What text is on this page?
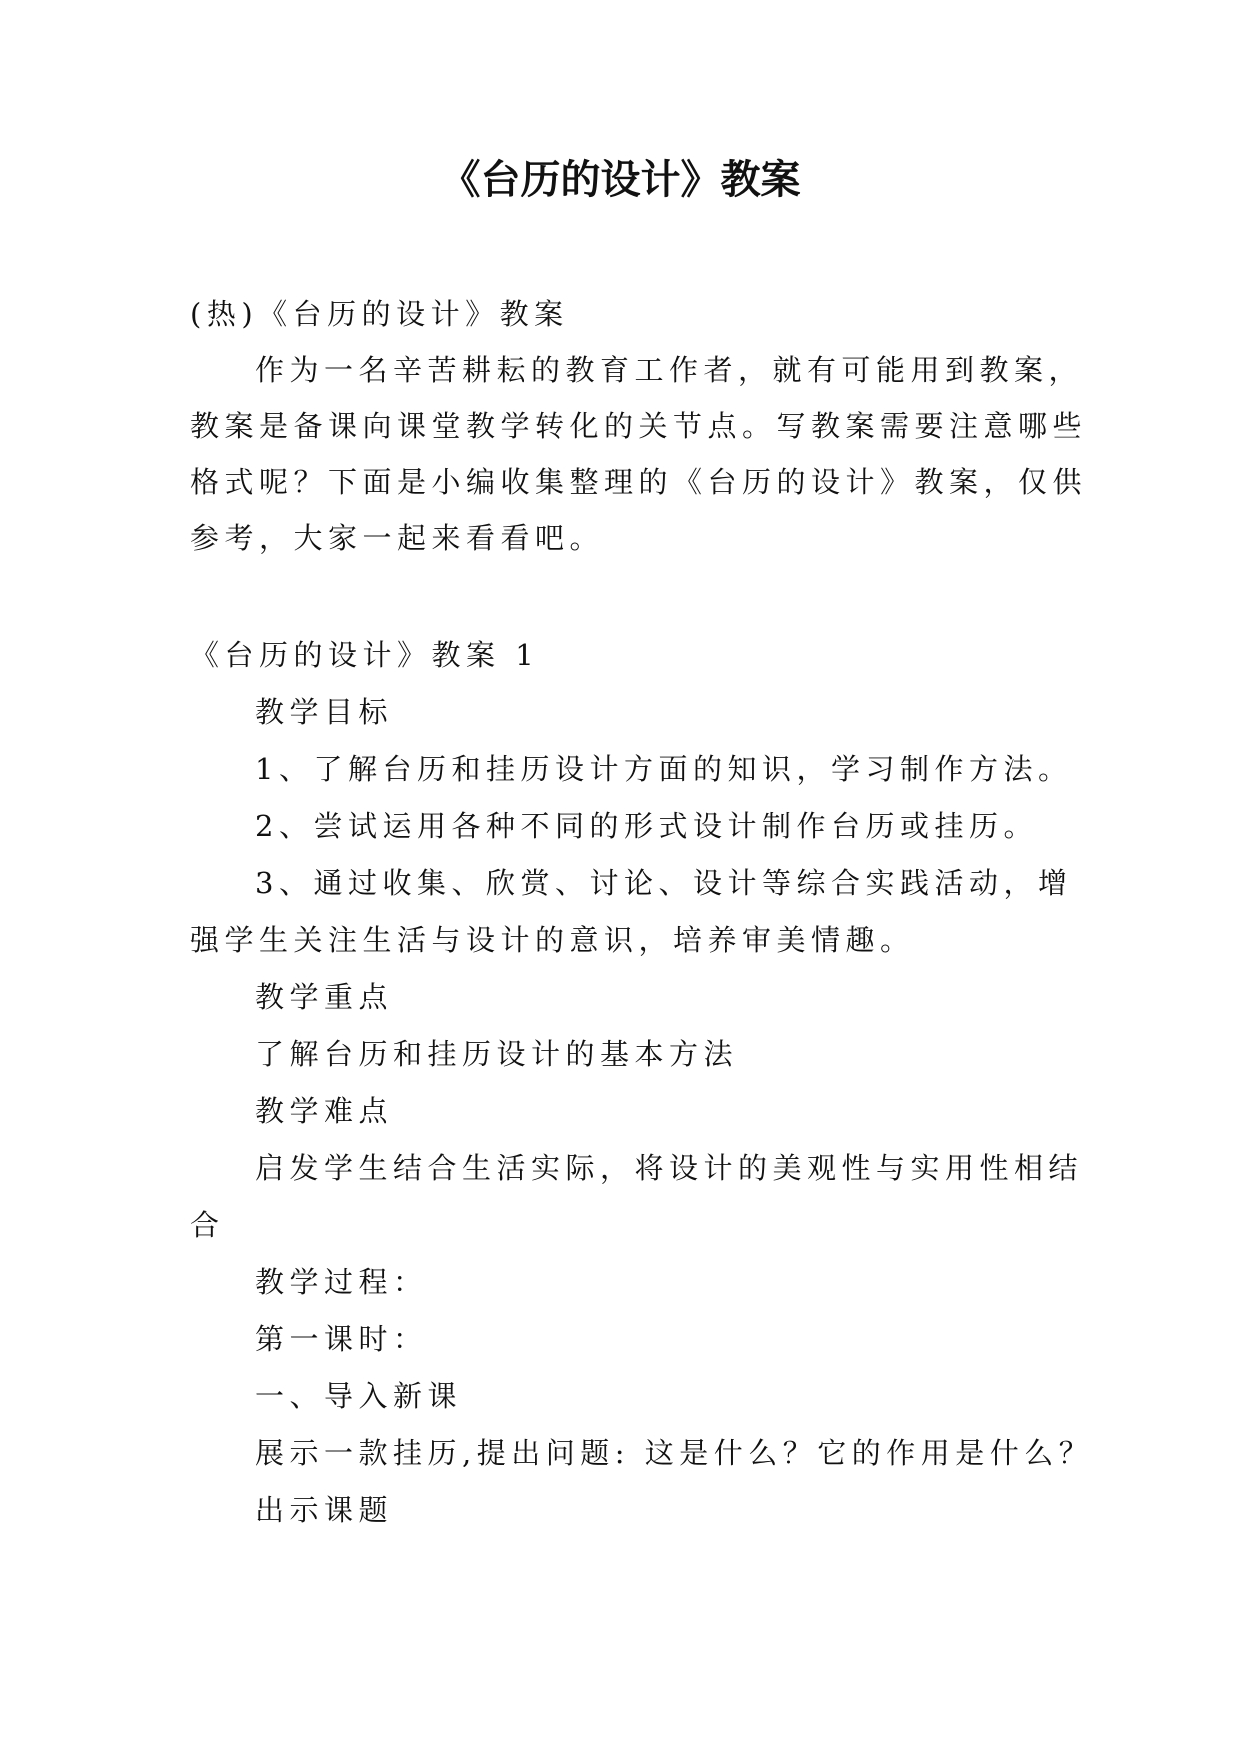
《台历的设计》教案

(热)《台历的设计》教案

作为一名辛苦耕耘的教育工作者，就有可能用到教案，

教案是备课向课堂教学转化的关节点。写教案需要注意哪些

格式呢？下面是小编收集整理的《台历的设计》教案，仅供

参考，大家一起来看看吧。

《台历的设计》教案 1

教学目标

1、了解台历和挂历设计方面的知识，学习制作方法。

2、尝试运用各种不同的形式设计制作台历或挂历。

3、通过收集、欣赏、讨论、设计等综合实践活动，增

强学生关注生活与设计的意识，培养审美情趣。

教学重点

了解台历和挂历设计的基本方法

教学难点

启发学生结合生活实际，将设计的美观性与实用性相结

合

教学过程：

第一课时：

一、导入新课

展示一款挂历,提出问题: 这是什么？它的作用是什么？

出示课题
